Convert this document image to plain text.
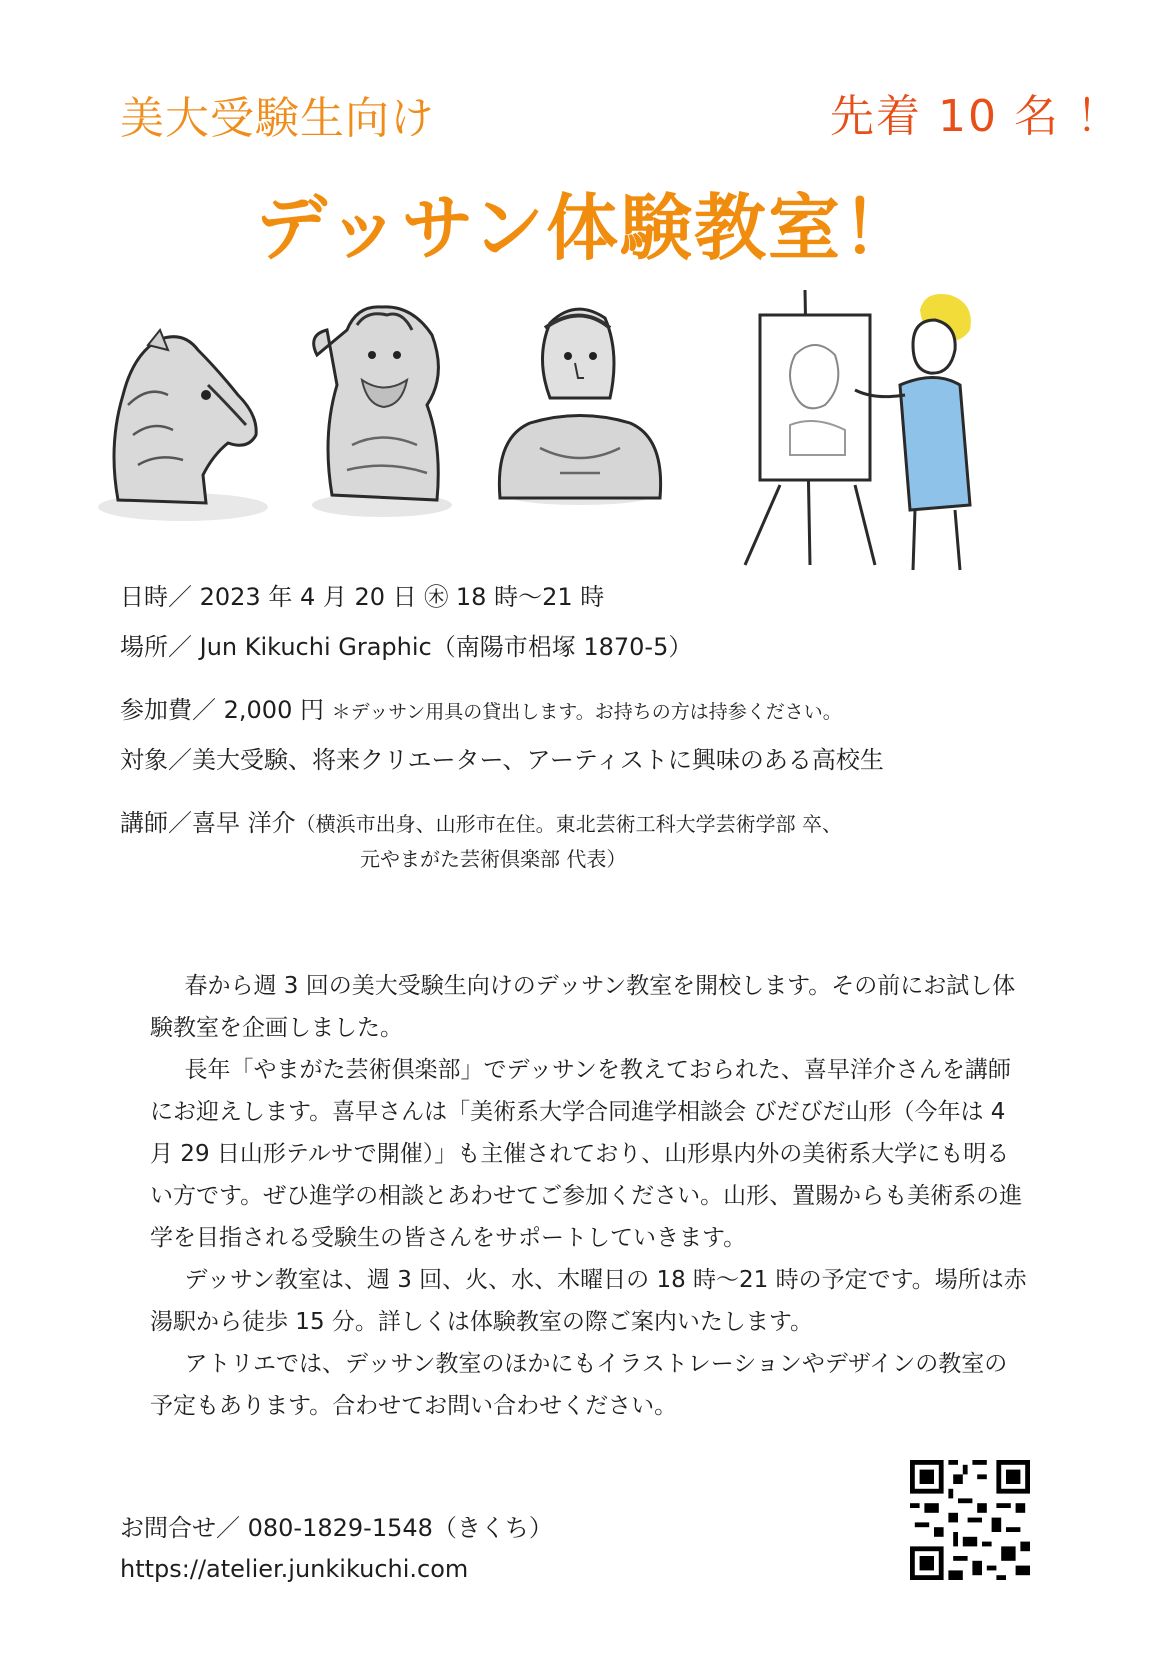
美大受験生向け	先着 10 名 ！
デッサン体験教室！
日時／ 2023 年 4 月 20 日 ㊍ 18 時〜21 時
場所／ Jun Kikuchi Graphic（南陽市梠塚 1870-5）
参加費／ 2,000 円 ＊デッサン用具の貸出します。お持ちの方は持参ください。
対象／美大受験、将来クリエーター、アーティストに興味のある高校生
講師／喜早 洋介（横浜市出身、山形市在住。東北芸術工科大学芸術学部 卒、
元やまがた芸術倶楽部 代表）

春から週 3 回の美大受験生向けのデッサン教室を開校します。その前にお試し体験教室を企画しました。

長年「やまがた芸術倶楽部」でデッサンを教えておられた、喜早洋介さんを講師にお迎えします。喜早さんは「美術系大学合同進学相談会 びだびだ山形（今年は 4 月 29 日山形テルサで開催）」も主催されており、山形県内外の美術系大学にも明るい方です。ぜひ進学の相談とあわせてご参加ください。山形、置賜からも美術系の進学を目指される受験生の皆さんをサポートしていきます。

デッサン教室は、週 3 回、火、水、木曜日の 18 時〜21 時の予定です。場所は赤湯駅から徒歩 15 分。詳しくは体験教室の際ご案内いたします。

アトリエでは、デッサン教室のほかにもイラストレーションやデザインの教室の予定もあります。合わせてお問い合わせください。

お問合せ／ 080-1829-1548（きくち）
https://atelier.junkikuchi.com
